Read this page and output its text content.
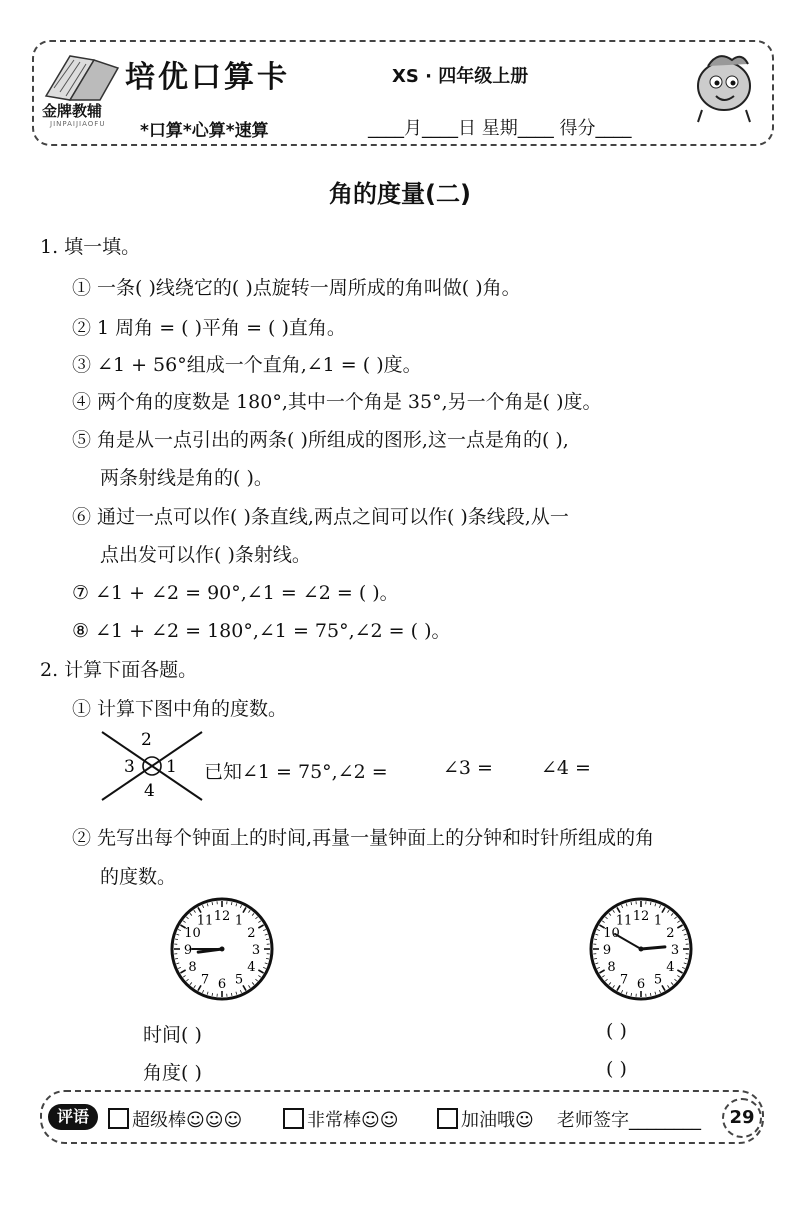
金牌教辅
JINPAIJIAOFU
培优口算卡	XS · 四年级上册
*口算*心算*速算	____月____日 星期____ 得分____
角的度量(二)
1. 填一填。
① 一条( )线绕它的( )点旋转一周所成的角叫做( )角。
② 1 周角 = ( )平角 = ( )直角。
③ ∠1 + 56°组成一个直角,∠1 = ( )度。
④ 两个角的度数是 180°,其中一个角是 35°,另一个角是( )度。
⑤ 角是从一点引出的两条( )所组成的图形,这一点是角的( ),
两条射线是角的( )。
⑥ 通过一点可以作( )条直线,两点之间可以作( )条线段,从一
点出发可以作( )条射线。
⑦ ∠1 + ∠2 = 90°,∠1 = ∠2 = ( )。
⑧ ∠1 + ∠2 = 180°,∠1 = 75°,∠2 = ( )。
2. 计算下面各题。
① 计算下图中角的度数。
1
2
3
4
已知∠1 = 75°,∠2 =	∠3 =	∠4 =
② 先写出每个钟面上的时间,再量一量钟面上的分钟和时针所组成的角
的度数。
12 1
2
3
4
5
6
7
8
9
10
11	12 1
2
3
4
5
6
7
8
9
10
11
时间( )
角度( )
( )
( )
评语	超级棒☺☺☺	非常棒☺☺	加油哦☺ 老师签字________	29
